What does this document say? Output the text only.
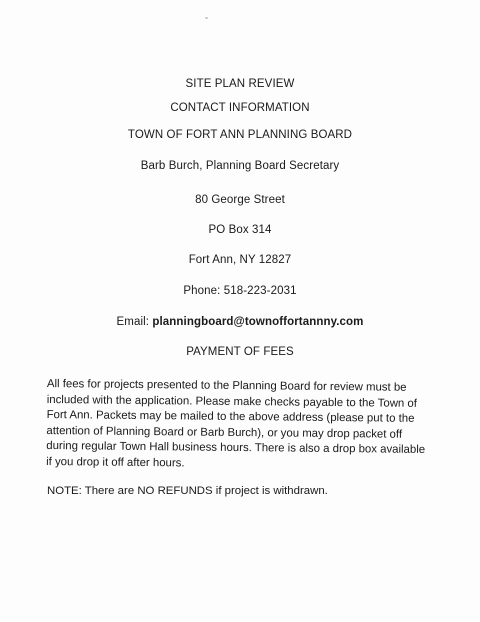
SITE PLAN REVIEW
CONTACT INFORMATION
TOWN OF FORT ANN PLANNING BOARD
Barb Burch, Planning Board Secretary
80 George Street
PO Box 314
Fort Ann, NY 12827
Phone: 518-223-2031
Email: planningboard@townoffortannny.com
PAYMENT OF FEES
All fees for projects presented to the Planning Board for review must be included with the application. Please make checks payable to the Town of Fort Ann. Packets may be mailed to the above address (please put to the attention of Planning Board or Barb Burch), or you may drop packet off during regular Town Hall business hours. There is also a drop box available if you drop it off after hours.
NOTE: There are NO REFUNDS if project is withdrawn.
